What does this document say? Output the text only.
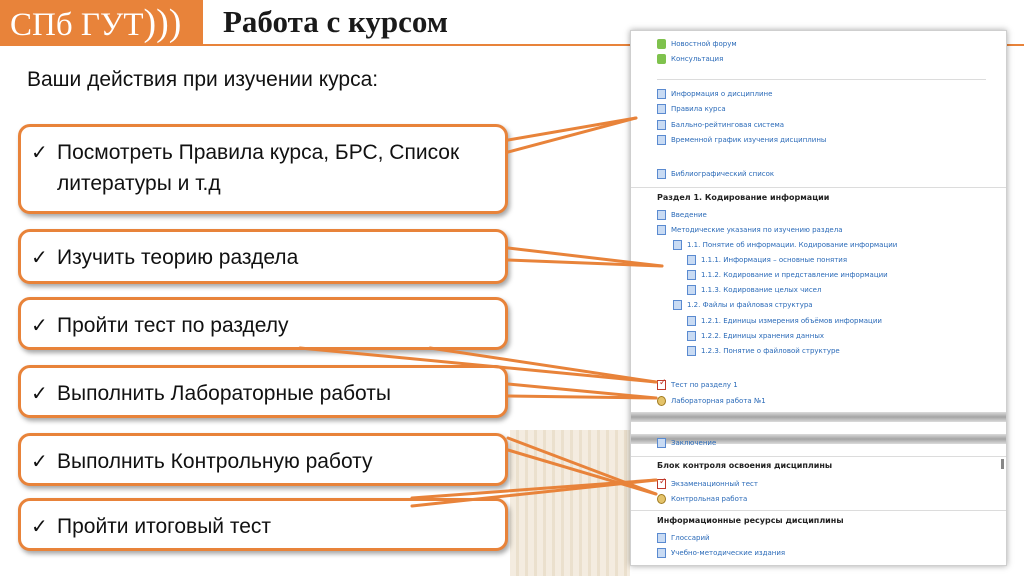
СПб ГУТ)))	Работа с курсом
Ваши действия при изучении курса:
✓ Посмотреть Правила курса, БРС, Список литературы и т.д
✓ Изучить теорию раздела
✓ Пройти тест по разделу
✓ Выполнить Лабораторные работы
✓ Выполнить Контрольную работу
✓ Пройти итоговый тест
Новостной форум
Консультация
Информация о дисциплине
Правила курса
Балльно-рейтинговая система
Временной график изучения дисциплины
Библиографический список
Раздел 1. Кодирование информации
Введение
Методические указания по изучению раздела
1.1. Понятие об информации. Кодирование информации
1.1.1. Информация – основные понятия
1.1.2. Кодирование и представление информации
1.1.3. Кодирование целых чисел
1.2. Файлы и файловая структура
1.2.1. Единицы измерения объёмов информации
1.2.2. Единицы хранения данных
1.2.3. Понятие о файловой структуре
✓
Тест по разделу 1
Лабораторная работа №1
Заключение
Блок контроля освоения дисциплины
✓
Экзаменационный тест
Контрольная работа
Информационные ресурсы дисциплины
Глоссарий
Учебно-методические издания
